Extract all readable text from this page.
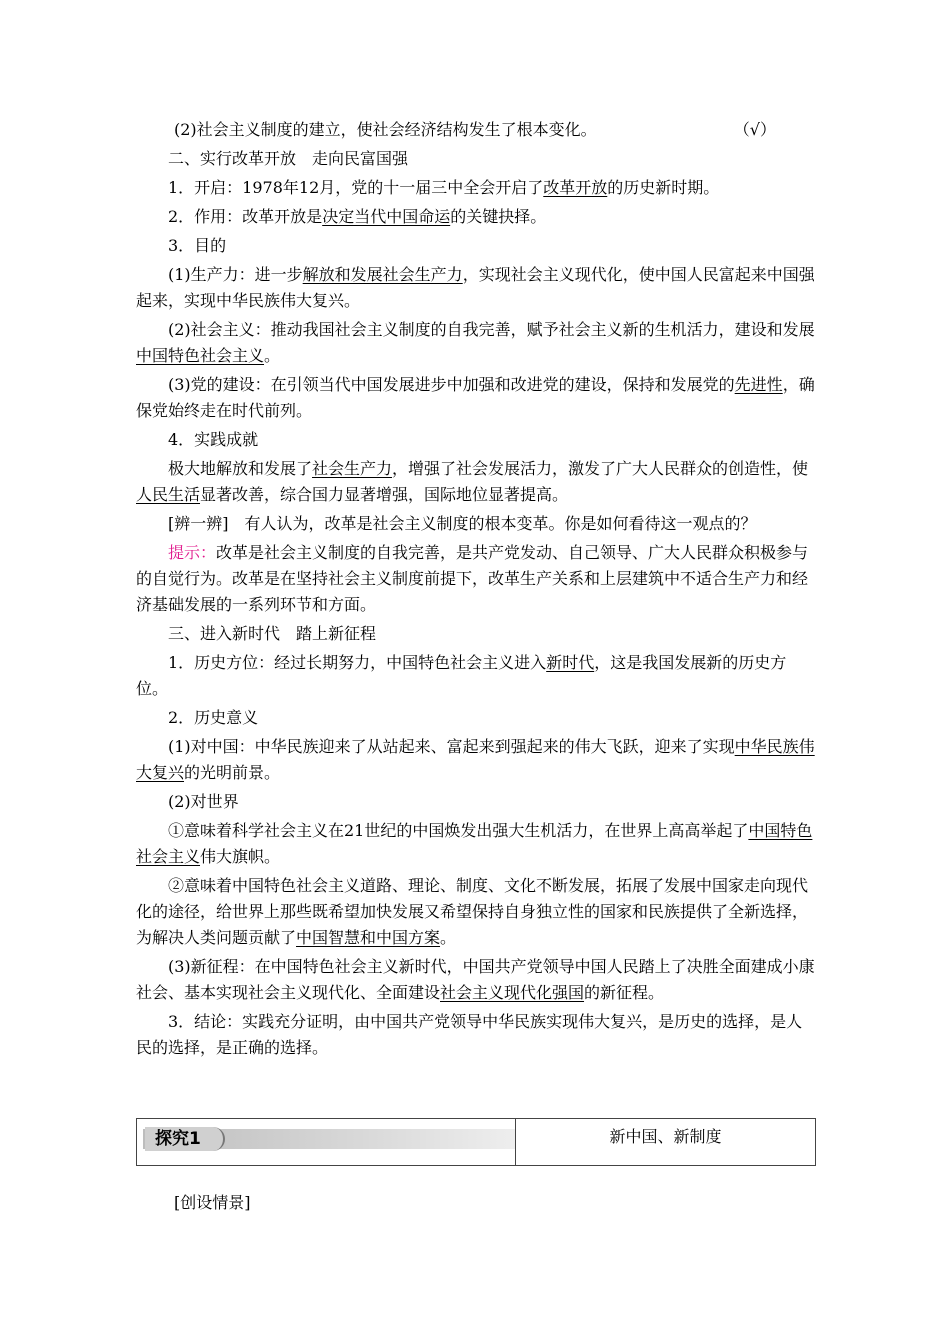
(2)社会主义制度的建立，使社会经济结构发生了根本变化。	（√）

二、实行改革开放　走向民富国强

1．开启：1978年12月，党的十一届三中全会开启了改革开放的历史新时期。

2．作用：改革开放是决定当代中国命运的关键抉择。

3．目的

(1)生产力：进一步解放和发展社会生产力，实现社会主义现代化，使中国人民富起来中国强起来，实现中华民族伟大复兴。

(2)社会主义：推动我国社会主义制度的自我完善，赋予社会主义新的生机活力，建设和发展中国特色社会主义。

(3)党的建设：在引领当代中国发展进步中加强和改进党的建设，保持和发展党的先进性，确保党始终走在时代前列。

4．实践成就

极大地解放和发展了社会生产力，增强了社会发展活力，激发了广大人民群众的创造性，使人民生活显著改善，综合国力显著增强，国际地位显著提高。

[辨一辨]　有人认为，改革是社会主义制度的根本变革。你是如何看待这一观点的？

提示：改革是社会主义制度的自我完善，是共产党发动、自己领导、广大人民群众积极参与的自觉行为。改革是在坚持社会主义制度前提下，改革生产关系和上层建筑中不适合生产力和经济基础发展的一系列环节和方面。

三、进入新时代　踏上新征程

1．历史方位：经过长期努力，中国特色社会主义进入新时代，这是我国发展新的历史方位。

2．历史意义

(1)对中国：中华民族迎来了从站起来、富起来到强起来的伟大飞跃，迎来了实现中华民族伟大复兴的光明前景。

(2)对世界

①意味着科学社会主义在21世纪的中国焕发出强大生机活力，在世界上高高举起了中国特色社会主义伟大旗帜。

②意味着中国特色社会主义道路、理论、制度、文化不断发展，拓展了发展中国家走向现代化的途径，给世界上那些既希望加快发展又希望保持自身独立性的国家和民族提供了全新选择，为解决人类问题贡献了中国智慧和中国方案。

(3)新征程：在中国特色社会主义新时代，中国共产党领导中国人民踏上了决胜全面建成小康社会、基本实现社会主义现代化、全面建设社会主义现代化强国的新征程。

3．结论：实践充分证明，由中国共产党领导中华民族实现伟大复兴，是历史的选择，是人民的选择，是正确的选择。

探究1	新中国、新制度
[创设情景]
